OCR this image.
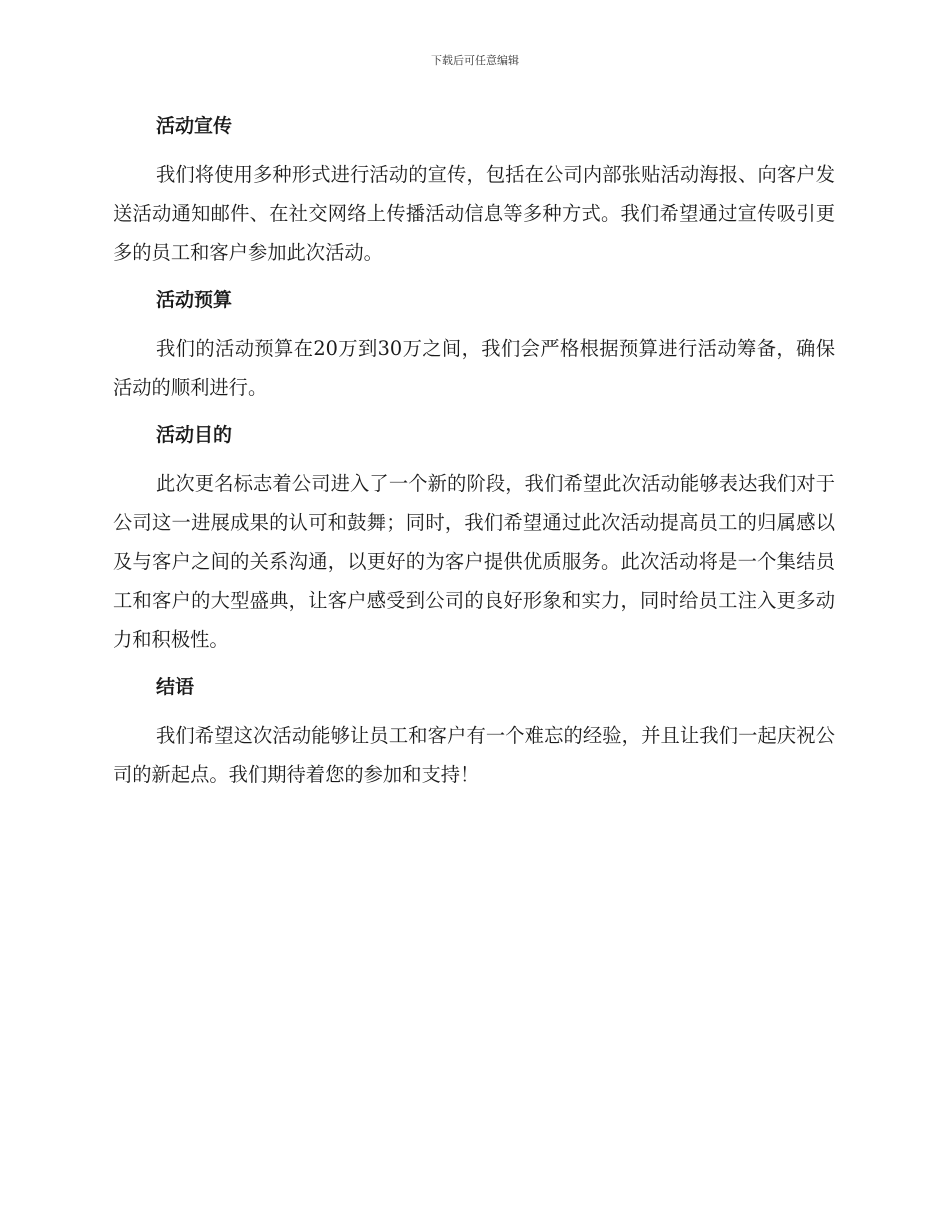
下载后可任意编辑
活动宣传

我们将使用多种形式进行活动的宣传，包括在公司内部张贴活动海报、向客户发送活动通知邮件、在社交网络上传播活动信息等多种方式。我们希望通过宣传吸引更多的员工和客户参加此次活动。

活动预算

我们的活动预算在20万到30万之间，我们会严格根据预算进行活动筹备，确保活动的顺利进行。

活动目的

此次更名标志着公司进入了一个新的阶段，我们希望此次活动能够表达我们对于公司这一进展成果的认可和鼓舞；同时，我们希望通过此次活动提高员工的归属感以及与客户之间的关系沟通，以更好的为客户提供优质服务。此次活动将是一个集结员工和客户的大型盛典，让客户感受到公司的良好形象和实力，同时给员工注入更多动力和积极性。

结语

我们希望这次活动能够让员工和客户有一个难忘的经验，并且让我们一起庆祝公司的新起点。我们期待着您的参加和支持！
